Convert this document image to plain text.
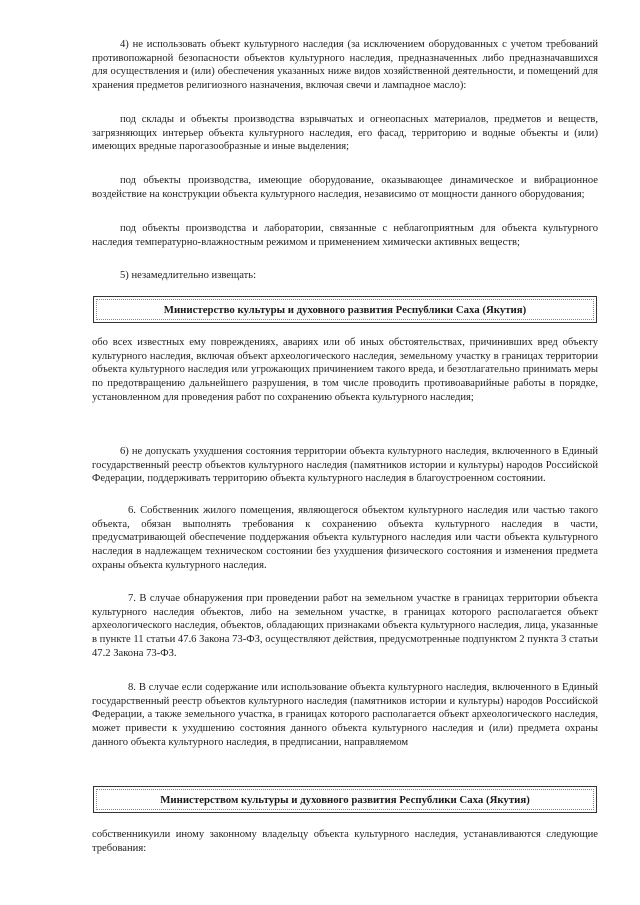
4) не использовать объект культурного наследия (за исключением оборудованных с учетом требований противопожарной безопасности объектов культурного наследия, предназначенных либо предназначавшихся для осуществления и (или) обеспечения указанных ниже видов хозяйственной деятельности, и помещений для хранения предметов религиозного назначения, включая свечи и лампадное масло):

под склады и объекты производства взрывчатых и огнеопасных материалов, предметов и веществ, загрязняющих интерьер объекта культурного наследия, его фасад, территорию и водные объекты и (или) имеющих вредные парогазообразные и иные выделения;

под объекты производства, имеющие оборудование, оказывающее динамическое и вибрационное воздействие на конструкции объекта культурного наследия, независимо от мощности данного оборудования;

под объекты производства и лаборатории, связанные с неблагоприятным для объекта культурного наследия температурно-влажностным режимом и применением химически активных веществ;

5) незамедлительно извещать:

Министерство культуры и духовного развития Республики Саха (Якутия)

обо всех известных ему повреждениях, авариях или об иных обстоятельствах, причинивших вред объекту культурного наследия, включая объект археологического наследия, земельному участку в границах территории объекта культурного наследия или угрожающих причинением такого вреда, и безотлагательно принимать меры по предотвращению дальнейшего разрушения, в том числе проводить противоаварийные работы в порядке, установленном для проведения работ по сохранению объекта культурного наследия;

6) не допускать ухудшения состояния территории объекта культурного наследия, включенного в Единый государственный реестр объектов культурного наследия (памятников истории и культуры) народов Российской Федерации, поддерживать территорию объекта культурного наследия в благоустроенном состоянии.

6. Собственник жилого помещения, являющегося объектом культурного наследия или частью такого объекта, обязан выполнять требования к сохранению объекта культурного наследия в части, предусматривающей обеспечение поддержания объекта культурного наследия или части объекта культурного наследия в надлежащем техническом состоянии без ухудшения физического состояния и изменения предмета охраны объекта культурного наследия.

7. В случае обнаружения при проведении работ на земельном участке в границах территории объекта культурного наследия объектов, либо на земельном участке, в границах которого располагается объект археологического наследия, объектов, обладающих признаками объекта культурного наследия, лица, указанные в пункте 11 статьи 47.6 Закона 73-ФЗ, осуществляют действия, предусмотренные подпунктом 2 пункта 3 статьи 47.2 Закона 73-ФЗ.

8. В случае если содержание или использование объекта культурного наследия, включенного в Единый государственный реестр объектов культурного наследия (памятников истории и культуры) народов Российской Федерации, а также земельного участка, в границах которого располагается объект археологического наследия, может привести к ухудшению состояния данного объекта культурного наследия и (или) предмета охраны данного объекта культурного наследия, в предписании, направляемом

Министерством культуры и духовного развития Республики Саха (Якутия)

собственникуили иному законному владельцу объекта культурного наследия, устанавливаются следующие требования:
